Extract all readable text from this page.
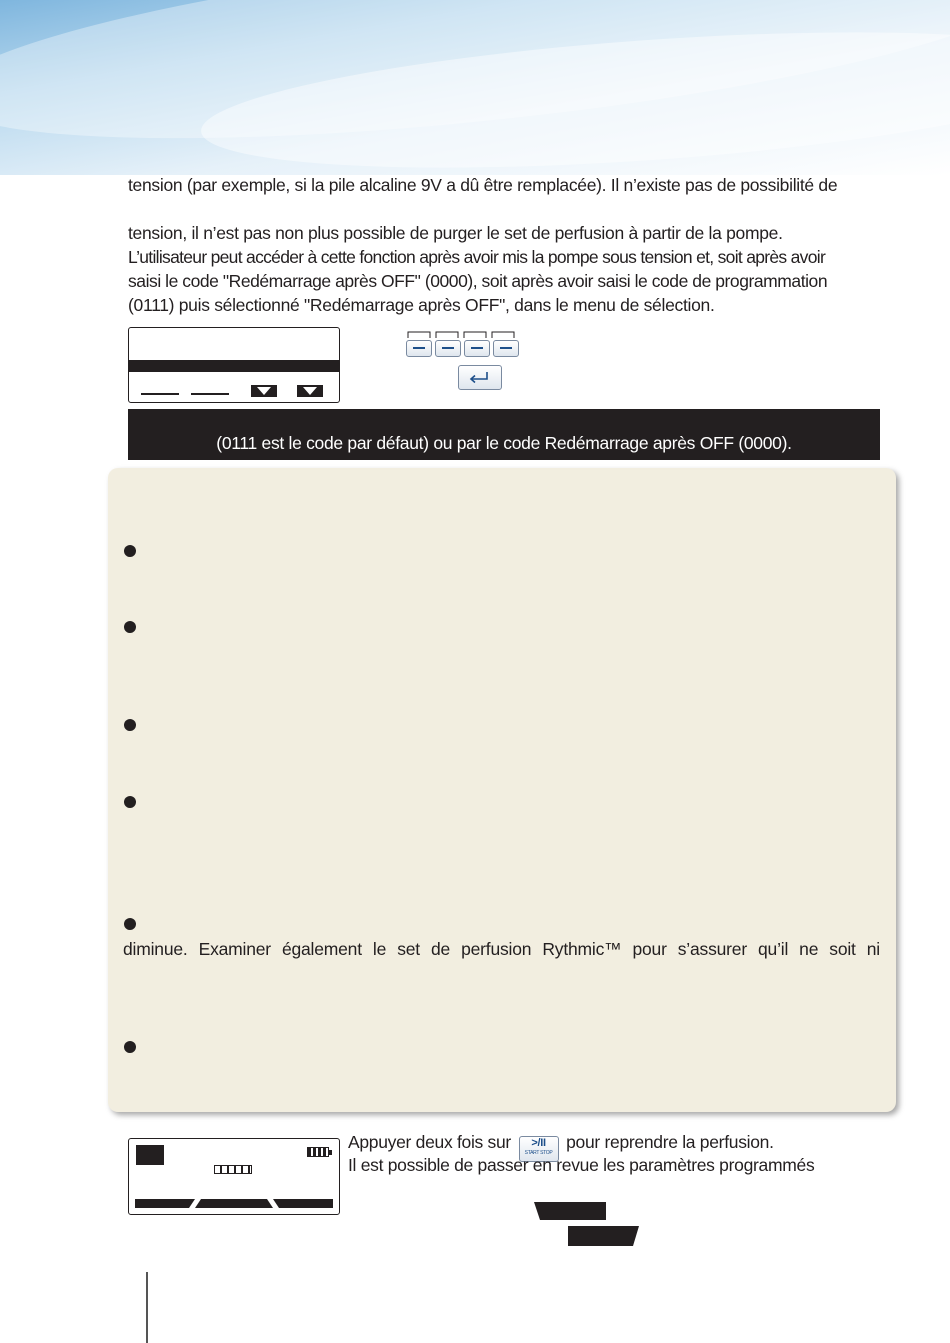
tension (par exemple, si la pile alcaline 9V a dû être remplacée). Il n’existe pas de possibilité de
tension, il n’est pas non plus possible de purger le set de perfusion à partir de la pompe.
L’utilisateur peut accéder à cette fonction après avoir mis la pompe sous tension et, soit après avoir
saisi le code "Redémarrage après OFF" (0000), soit après avoir saisi le code de programmation
(0111) puis sélectionné "Redémarrage après OFF", dans le menu de sélection.
(0111 est le code par défaut) ou par le code Redémarrage après OFF (0000).
diminue. Examiner également le set de perfusion Rythmic™ pour s’assurer qu’il ne soit ni
Appuyer deux fois sur	>/II
START STOP
pour reprendre la perfusion.
Il est possible de passer en revue les paramètres programmés
